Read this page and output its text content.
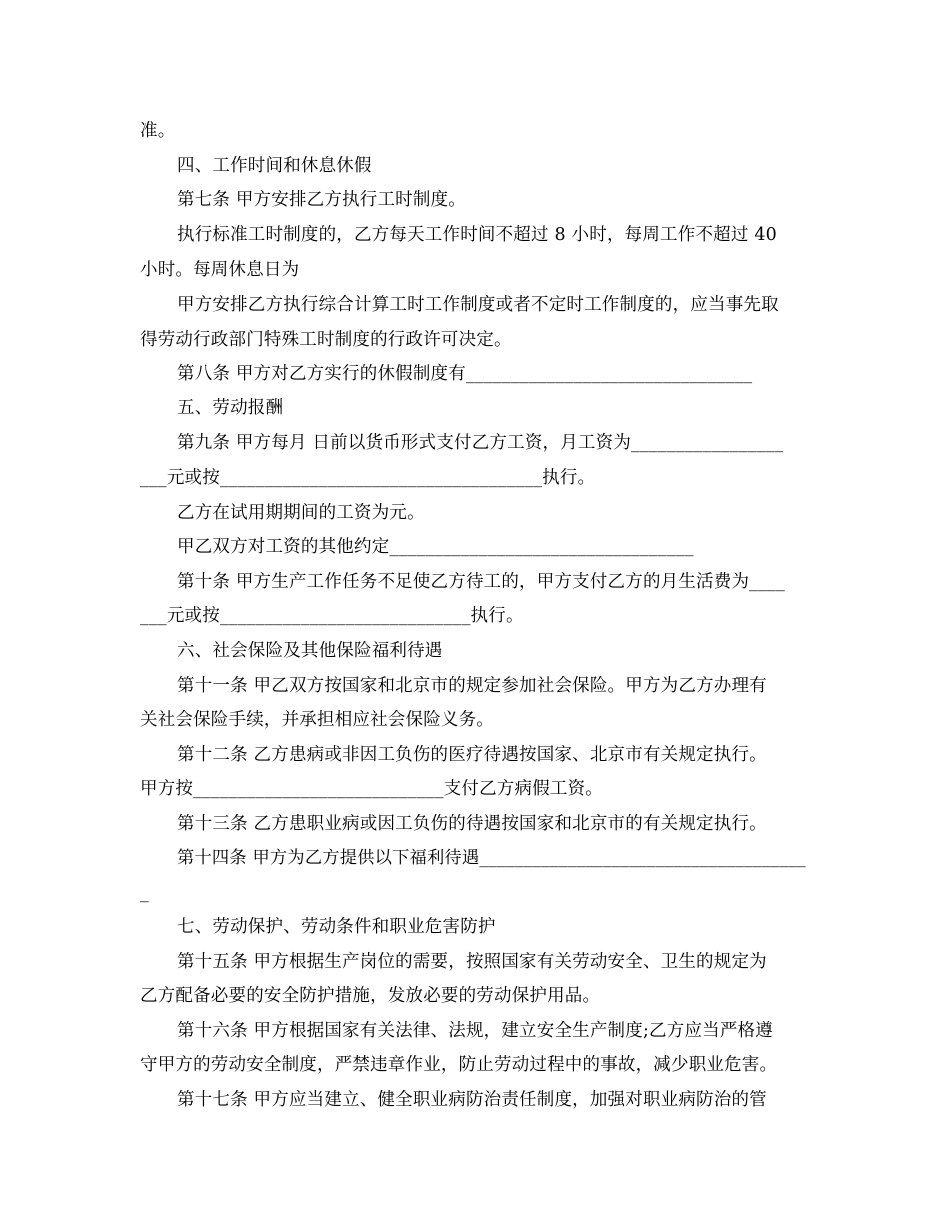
准。
四、工作时间和休息休假
第七条 甲方安排乙方执行工时制度。
执行标准工时制度的，乙方每天工作时间不超过 8 小时，每周工作不超过 40
小时。每周休息日为
甲方安排乙方执行综合计算工时工作制度或者不定时工作制度的，应当事先取
得劳动行政部门特殊工时制度的行政许可决定。
第八条 甲方对乙方实行的休假制度有________________________________
五、劳动报酬
第九条 甲方每月 日前以货币形式支付乙方工资，月工资为_________________
___元或按____________________________________执行。
乙方在试用期期间的工资为元。
甲乙双方对工资的其他约定__________________________________
第十条 甲方生产工作任务不足使乙方待工的，甲方支付乙方的月生活费为____
___元或按____________________________执行。
六、社会保险及其他保险福利待遇
第十一条 甲乙双方按国家和北京市的规定参加社会保险。甲方为乙方办理有
关社会保险手续，并承担相应社会保险义务。
第十二条 乙方患病或非因工负伤的医疗待遇按国家、北京市有关规定执行。
甲方按____________________________支付乙方病假工资。
第十三条 乙方患职业病或因工负伤的待遇按国家和北京市的有关规定执行。
第十四条 甲方为乙方提供以下福利待遇_____________________________________
_
七、劳动保护、劳动条件和职业危害防护
第十五条 甲方根据生产岗位的需要，按照国家有关劳动安全、卫生的规定为
乙方配备必要的安全防护措施，发放必要的劳动保护用品。
第十六条 甲方根据国家有关法律、法规，建立安全生产制度;乙方应当严格遵
守甲方的劳动安全制度，严禁违章作业，防止劳动过程中的事故，减少职业危害。
第十七条 甲方应当建立、健全职业病防治责任制度，加强对职业病防治的管
